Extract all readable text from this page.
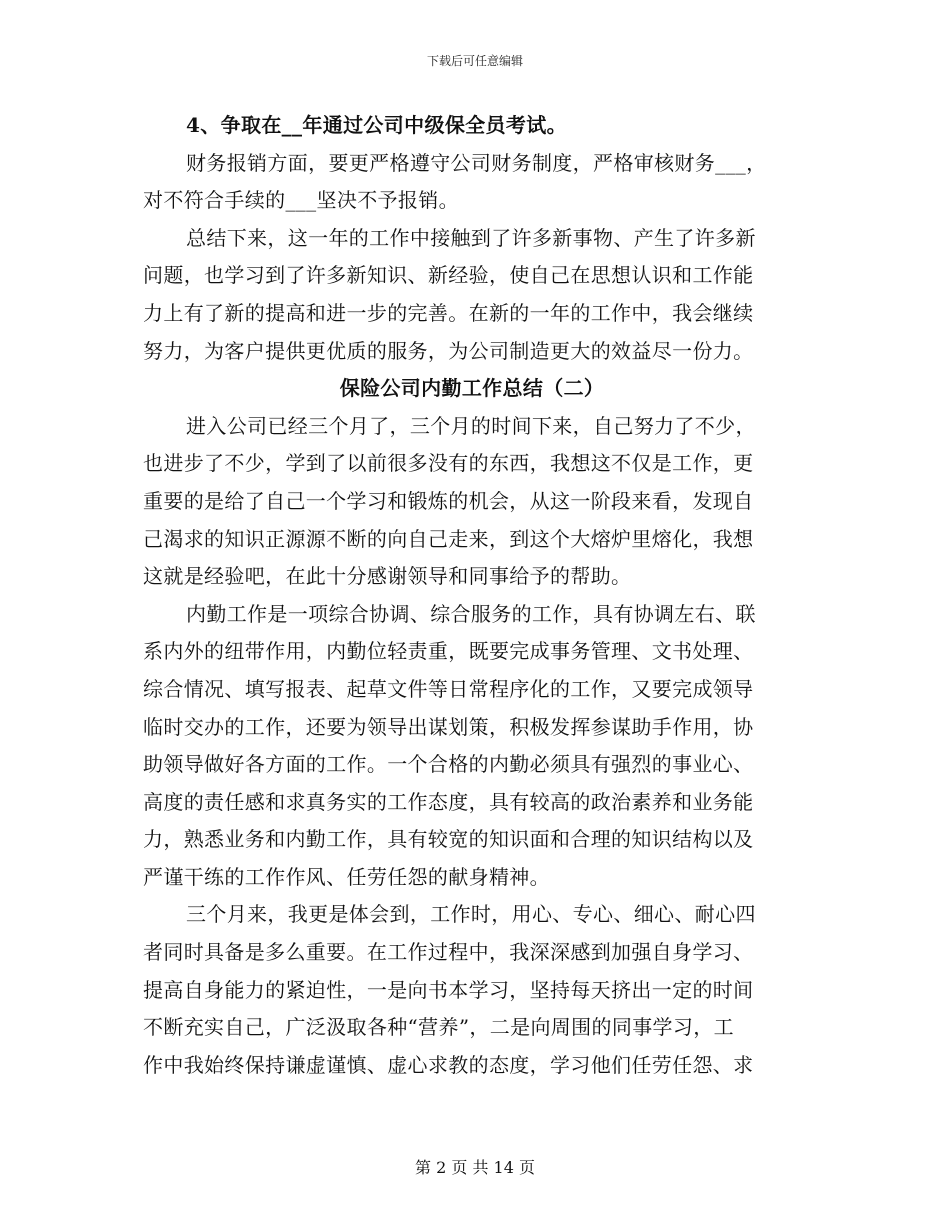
下载后可任意编辑
4、争取在__年通过公司中级保全员考试。
财务报销方面，要更严格遵守公司财务制度，严格审核财务___，
对不符合手续的___坚决不予报销。
总结下来，这一年的工作中接触到了许多新事物、产生了许多新
问题，也学习到了许多新知识、新经验，使自己在思想认识和工作能
力上有了新的提高和进一步的完善。在新的一年的工作中，我会继续
努力，为客户提供更优质的服务，为公司制造更大的效益尽一份力。
保险公司内勤工作总结（二）
进入公司已经三个月了，三个月的时间下来，自己努力了不少，
也进步了不少，学到了以前很多没有的东西，我想这不仅是工作，更
重要的是给了自己一个学习和锻炼的机会，从这一阶段来看，发现自
己渴求的知识正源源不断的向自己走来，到这个大熔炉里熔化，我想
这就是经验吧，在此十分感谢领导和同事给予的帮助。
内勤工作是一项综合协调、综合服务的工作，具有协调左右、联
系内外的纽带作用，内勤位轻责重，既要完成事务管理、文书处理、
综合情况、填写报表、起草文件等日常程序化的工作，又要完成领导
临时交办的工作，还要为领导出谋划策，积极发挥参谋助手作用，协
助领导做好各方面的工作。一个合格的内勤必须具有强烈的事业心、
高度的责任感和求真务实的工作态度，具有较高的政治素养和业务能
力，熟悉业务和内勤工作，具有较宽的知识面和合理的知识结构以及
严谨干练的工作作风、任劳任怨的献身精神。
三个月来，我更是体会到，工作时，用心、专心、细心、耐心四
者同时具备是多么重要。在工作过程中，我深深感到加强自身学习、
提高自身能力的紧迫性，一是向书本学习，坚持每天挤出一定的时间
不断充实自己，广泛汲取各种“营养”，二是向周围的同事学习，工
作中我始终保持谦虚谨慎、虚心求教的态度，学习他们任劳任怨、求
第 2 页 共 14 页
